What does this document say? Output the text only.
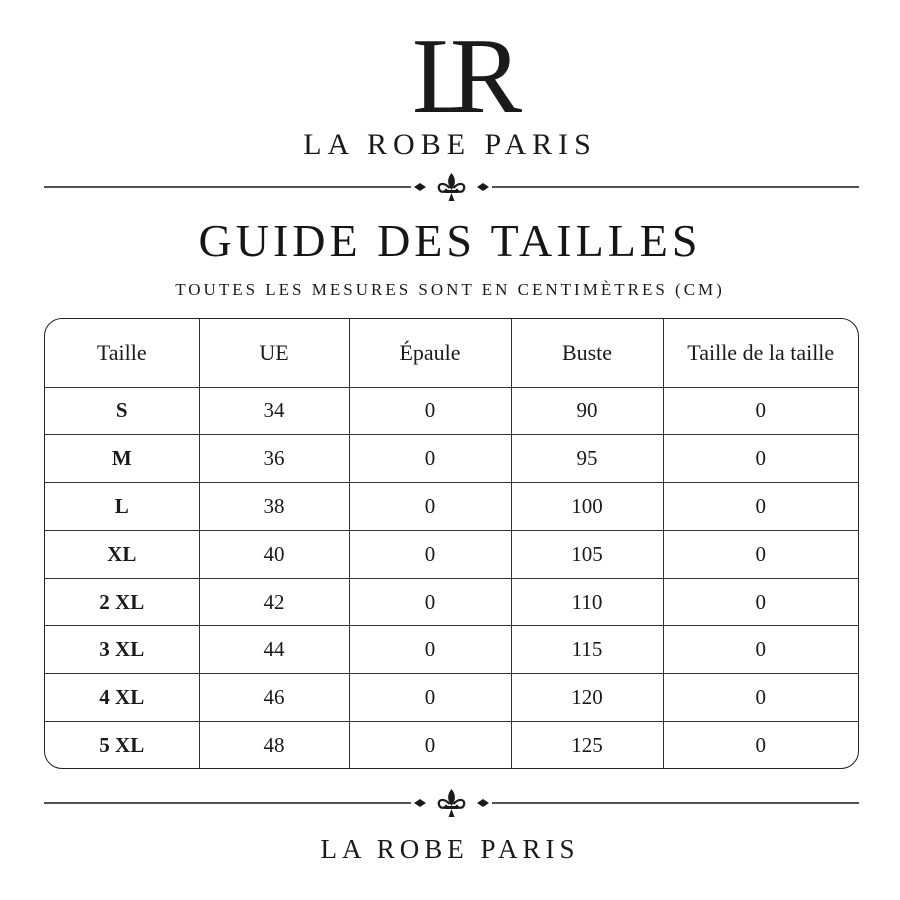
LR
LA ROBE PARIS
GUIDE DES TAILLES
TOUTES LES MESURES SONT EN CENTIMÈTRES (CM)
Taille	UE	Épaule	Buste	Taille de la taille
S	34	0	90	0
M	36	0	95	0
L	38	0	100	0
XL	40	0	105	0
2 XL	42	0	110	0
3 XL	44	0	115	0
4 XL	46	0	120	0
5 XL	48	0	125	0
LA ROBE PARIS
